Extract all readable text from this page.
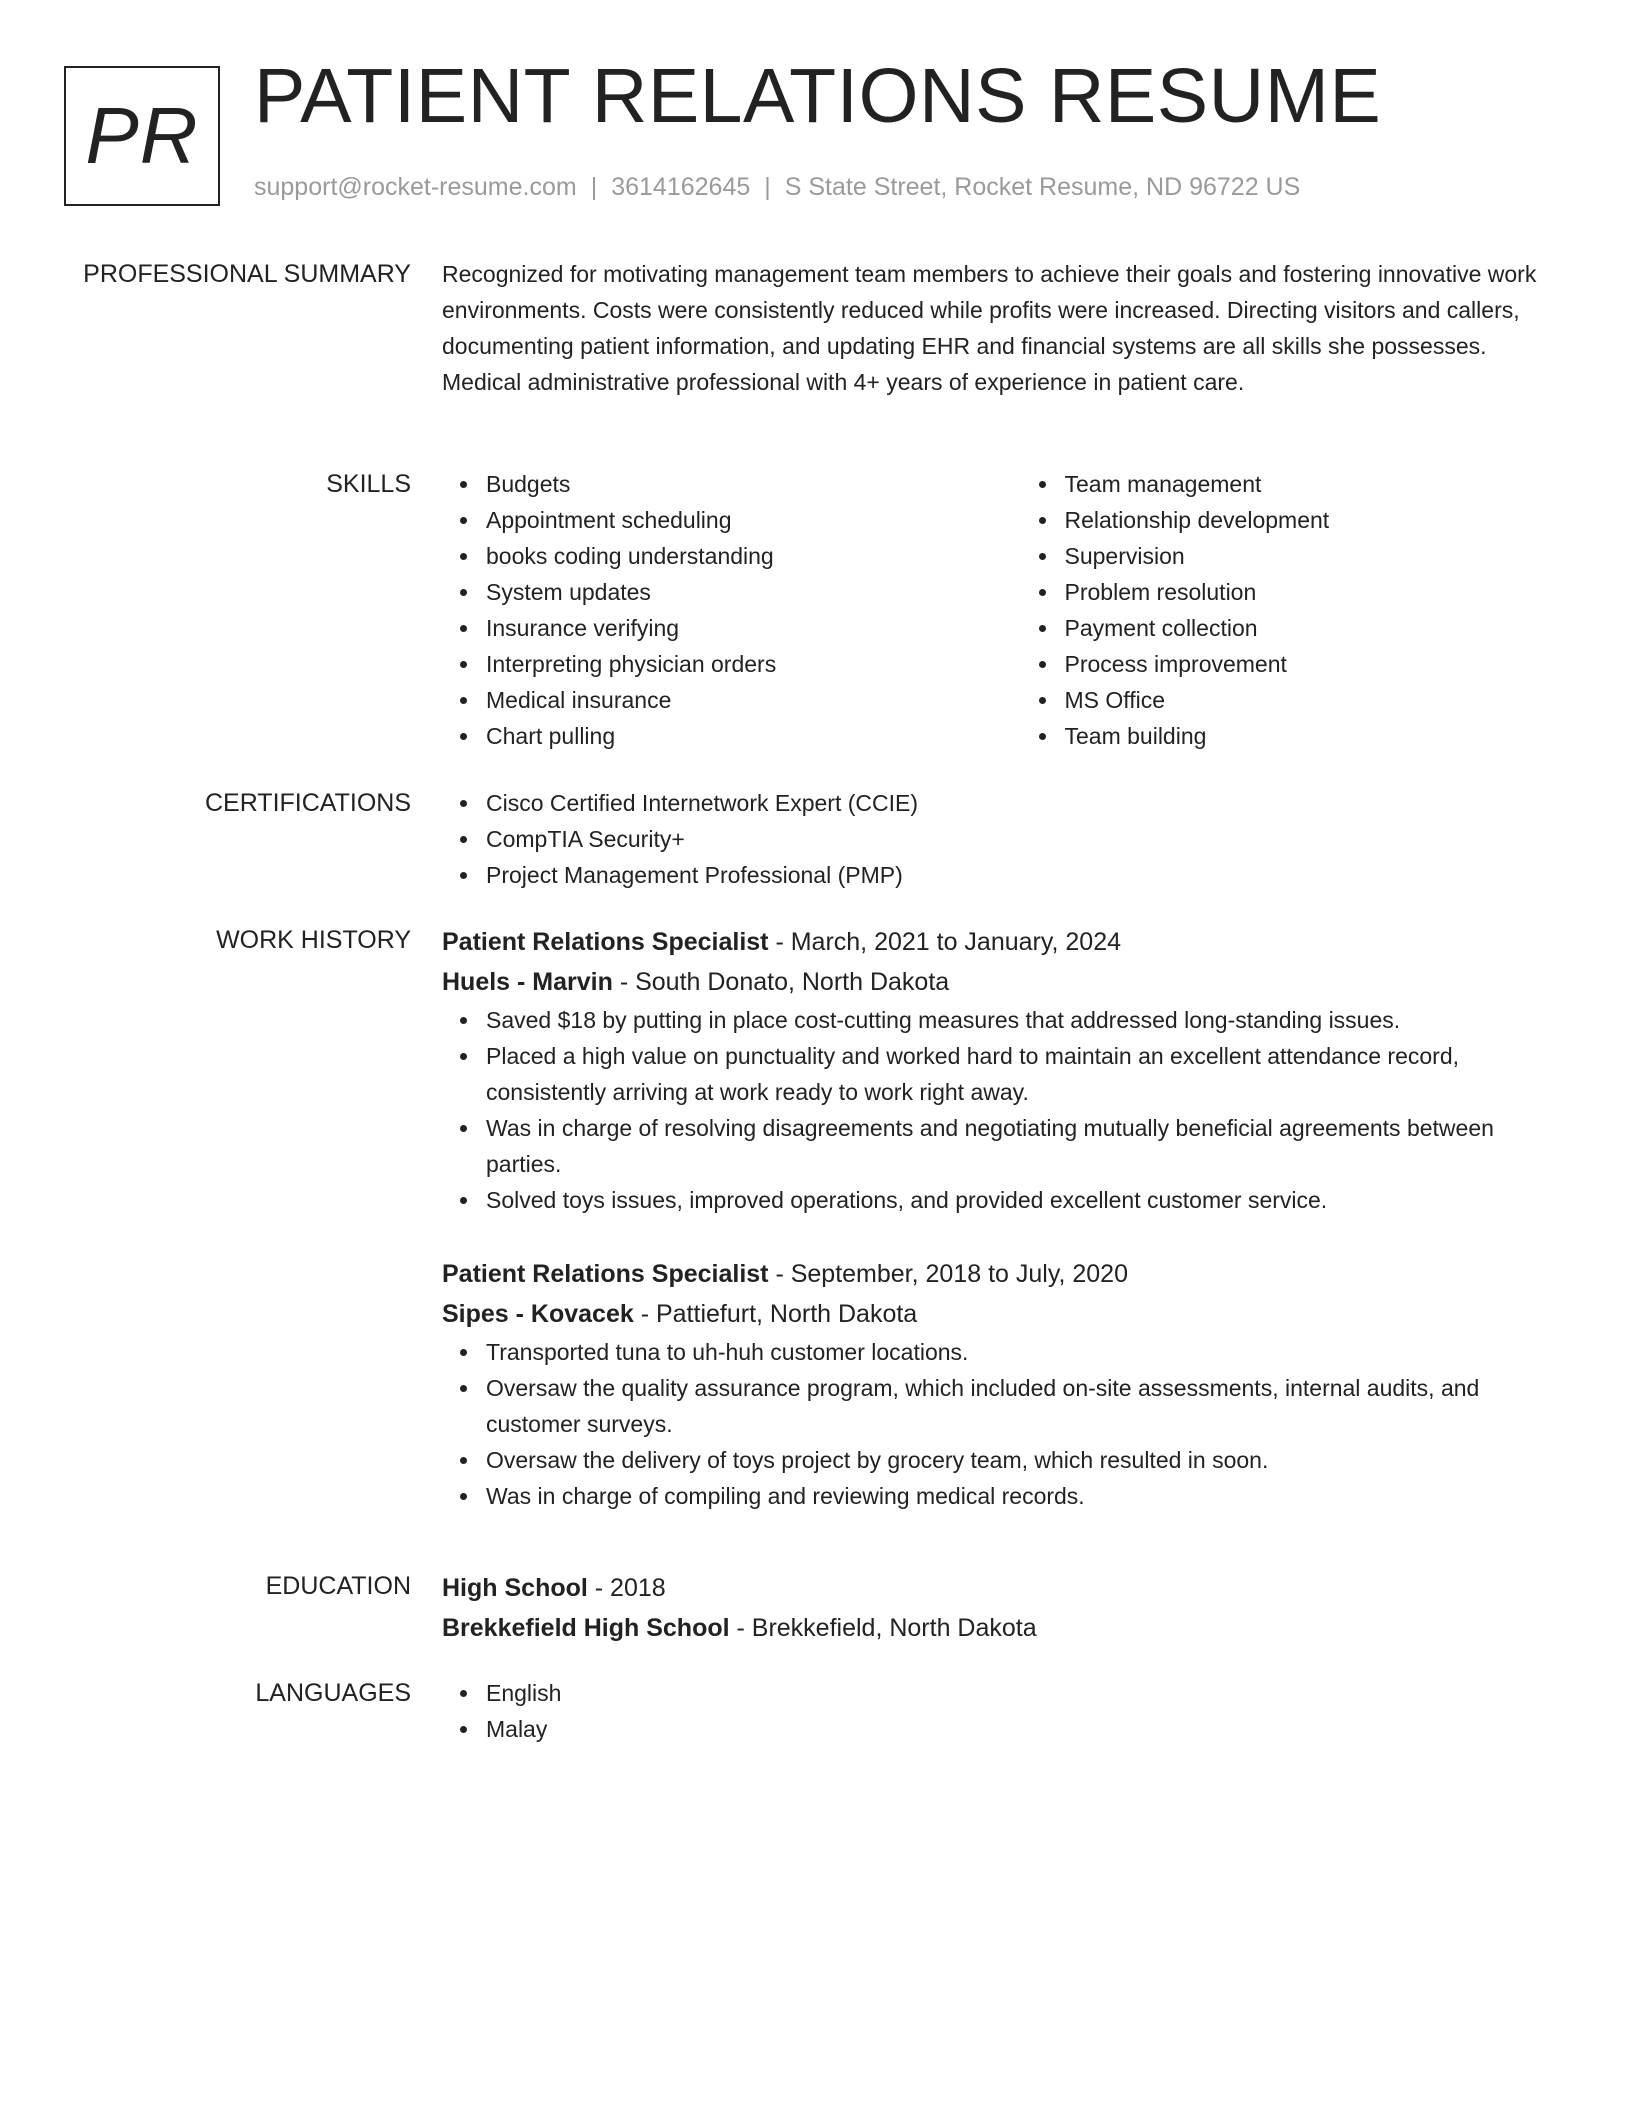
PR PATIENT RELATIONS RESUME
support@rocket-resume.com | 3614162645 | S State Street, Rocket Resume, ND 96722 US
PROFESSIONAL SUMMARY Recognized for motivating management team members to achieve their goals and fostering innovative work environments. Costs were consistently reduced while profits were increased. Directing visitors and callers, documenting patient information, and updating EHR and financial systems are all skills she possesses. Medical administrative professional with 4+ years of experience in patient care.
SKILLS	Budgets
Appointment scheduling
books coding understanding
System updates
Insurance verifying
Interpreting physician orders
Medical insurance
Chart pulling
Team management
Relationship development
Supervision
Problem resolution
Payment collection
Process improvement
MS Office
Team building
CERTIFICATIONS	Cisco Certified Internetwork Expert (CCIE)
CompTIA Security+
Project Management Professional (PMP)
WORK HISTORY Patient Relations Specialist - March, 2021 to January, 2024
Huels - Marvin - South Donato, North Dakota
Saved $18 by putting in place cost-cutting measures that addressed long-standing issues.
Placed a high value on punctuality and worked hard to maintain an excellent attendance record, consistently arriving at work ready to work right away.
Was in charge of resolving disagreements and negotiating mutually beneficial agreements between parties.
Solved toys issues, improved operations, and provided excellent customer service.
Patient Relations Specialist - September, 2018 to July, 2020
Sipes - Kovacek - Pattiefurt, North Dakota
Transported tuna to uh-huh customer locations.
Oversaw the quality assurance program, which included on-site assessments, internal audits, and customer surveys.
Oversaw the delivery of toys project by grocery team, which resulted in soon.
Was in charge of compiling and reviewing medical records.
EDUCATION High School - 2018
Brekkefield High School - Brekkefield, North Dakota
LANGUAGES	English
Malay
